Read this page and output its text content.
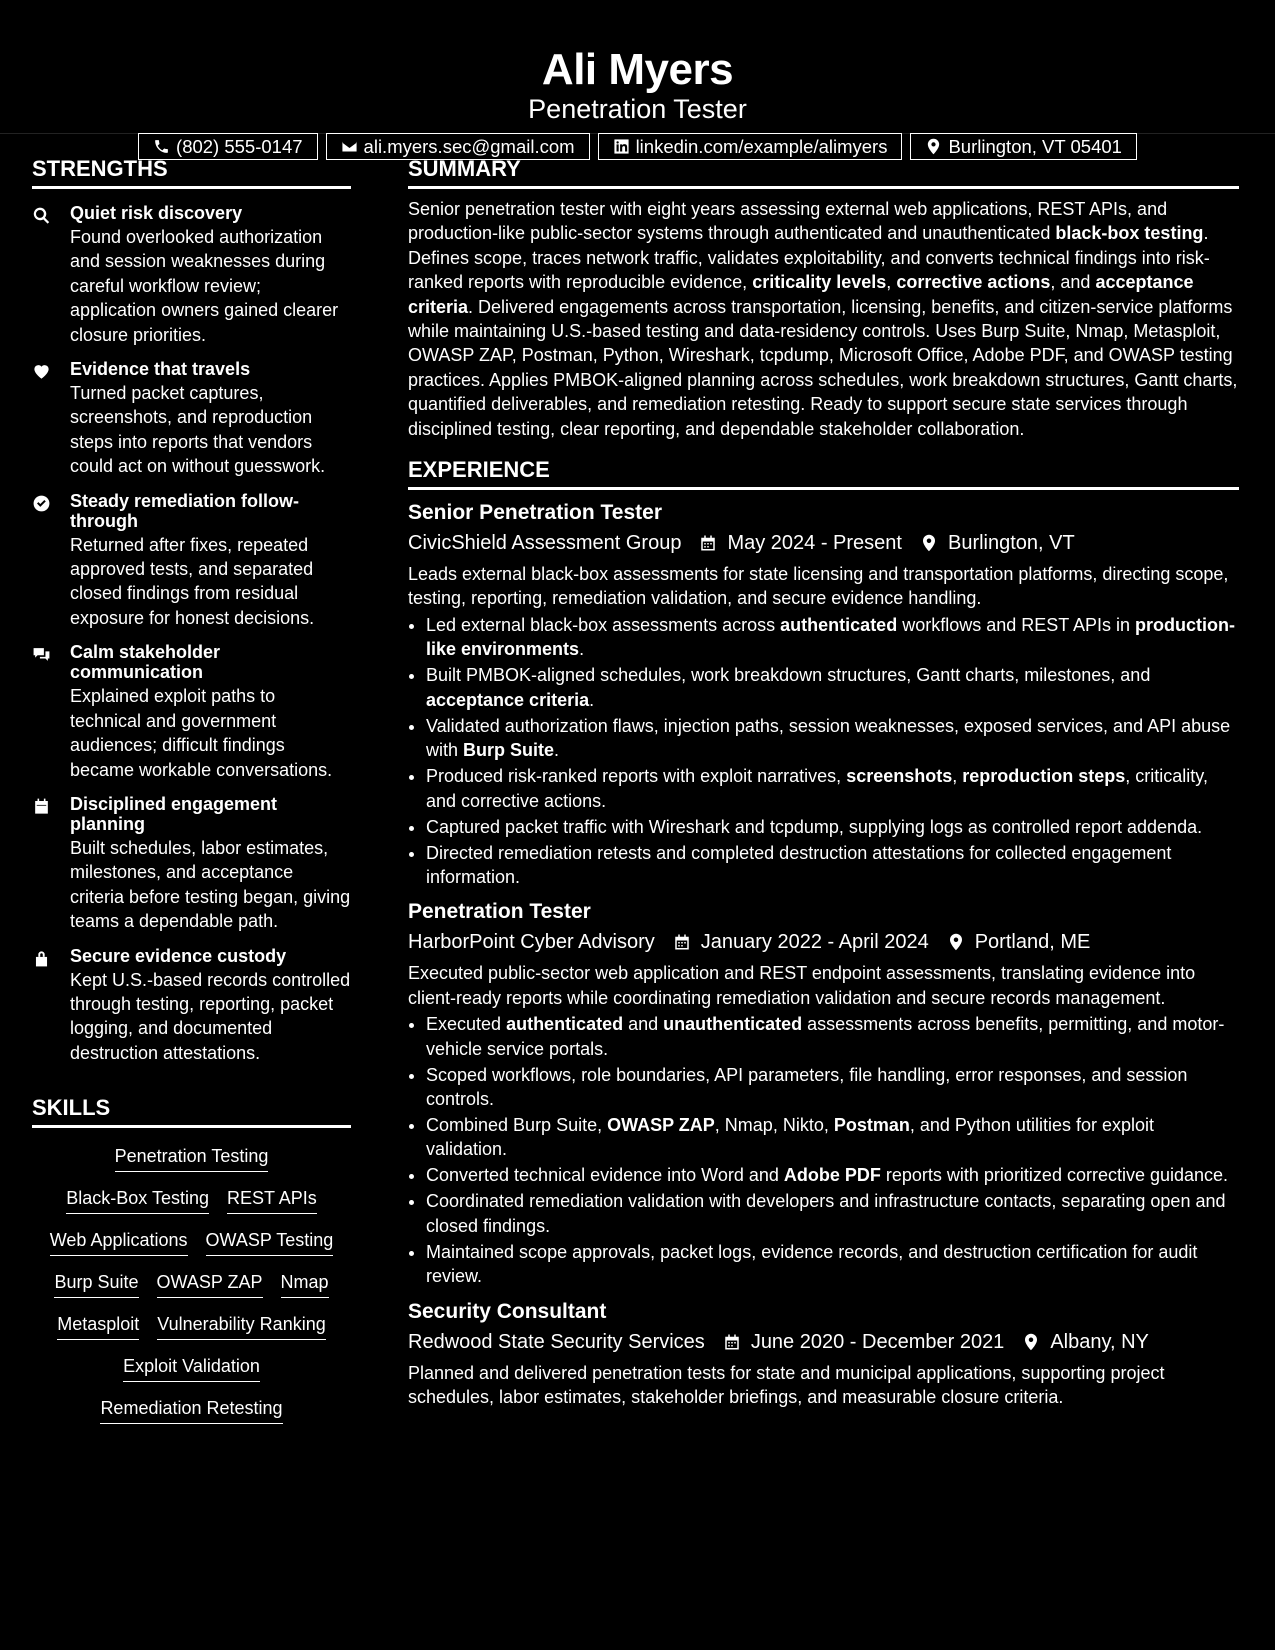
Ali Myers
Penetration Tester
(802) 555-0147	ali.myers.sec@gmail.com	linkedin.com/example/alimyers	Burlington, VT 05401
STRENGTHS
Quiet risk discovery
Found overlooked authorization and session weaknesses during careful workflow review; application owners gained clearer closure priorities.
Evidence that travels
Turned packet captures, screenshots, and reproduction steps into reports that vendors could act on without guesswork.
Steady remediation follow-through
Returned after fixes, repeated approved tests, and separated closed findings from residual exposure for honest decisions.
Calm stakeholder communication
Explained exploit paths to technical and government audiences; difficult findings became workable conversations.
Disciplined engagement planning
Built schedules, labor estimates, milestones, and acceptance criteria before testing began, giving teams a dependable path.
Secure evidence custody
Kept U.S.-based records controlled through testing, reporting, packet logging, and documented destruction attestations.
SKILLS
Penetration Testing
Black-Box Testing REST APIs
Web Applications OWASP Testing
Burp Suite OWASP ZAP Nmap
Metasploit Vulnerability Ranking
Exploit Validation
Remediation Retesting
SUMMARY
Senior penetration tester with eight years assessing external web applications, REST APIs, and production-like public-sector systems through authenticated and unauthenticated black-box testing. Defines scope, traces network traffic, validates exploitability, and converts technical findings into risk-ranked reports with reproducible evidence, criticality levels, corrective actions, and acceptance criteria. Delivered engagements across transportation, licensing, benefits, and citizen-service platforms while maintaining U.S.-based testing and data-residency controls. Uses Burp Suite, Nmap, Metasploit, OWASP ZAP, Postman, Python, Wireshark, tcpdump, Microsoft Office, Adobe PDF, and OWASP testing practices. Applies PMBOK-aligned planning across schedules, work breakdown structures, Gantt charts, quantified deliverables, and remediation retesting. Ready to support secure state services through disciplined testing, clear reporting, and dependable stakeholder collaboration.
EXPERIENCE
Senior Penetration Tester
CivicShield Assessment Group May 2024 - Present Burlington, VT
Leads external black-box assessments for state licensing and transportation platforms, directing scope, testing, reporting, remediation validation, and secure evidence handling.
• Led external black-box assessments across authenticated workflows and REST APIs in production-like environments.
• Built PMBOK-aligned schedules, work breakdown structures, Gantt charts, milestones, and acceptance criteria.
• Validated authorization flaws, injection paths, session weaknesses, exposed services, and API abuse with Burp Suite.
• Produced risk-ranked reports with exploit narratives, screenshots, reproduction steps, criticality, and corrective actions.
• Captured packet traffic with Wireshark and tcpdump, supplying logs as controlled report addenda.
• Directed remediation retests and completed destruction attestations for collected engagement information.
Penetration Tester
HarborPoint Cyber Advisory January 2022 - April 2024 Portland, ME
Executed public-sector web application and REST endpoint assessments, translating evidence into client-ready reports while coordinating remediation validation and secure records management.
• Executed authenticated and unauthenticated assessments across benefits, permitting, and motor-vehicle service portals.
• Scoped workflows, role boundaries, API parameters, file handling, error responses, and session controls.
• Combined Burp Suite, OWASP ZAP, Nmap, Nikto, Postman, and Python utilities for exploit validation.
• Converted technical evidence into Word and Adobe PDF reports with prioritized corrective guidance.
• Coordinated remediation validation with developers and infrastructure contacts, separating open and closed findings.
• Maintained scope approvals, packet logs, evidence records, and destruction certification for audit review.
Security Consultant
Redwood State Security Services June 2020 - December 2021 Albany, NY
Planned and delivered penetration tests for state and municipal applications, supporting project schedules, labor estimates, stakeholder briefings, and measurable closure criteria.
